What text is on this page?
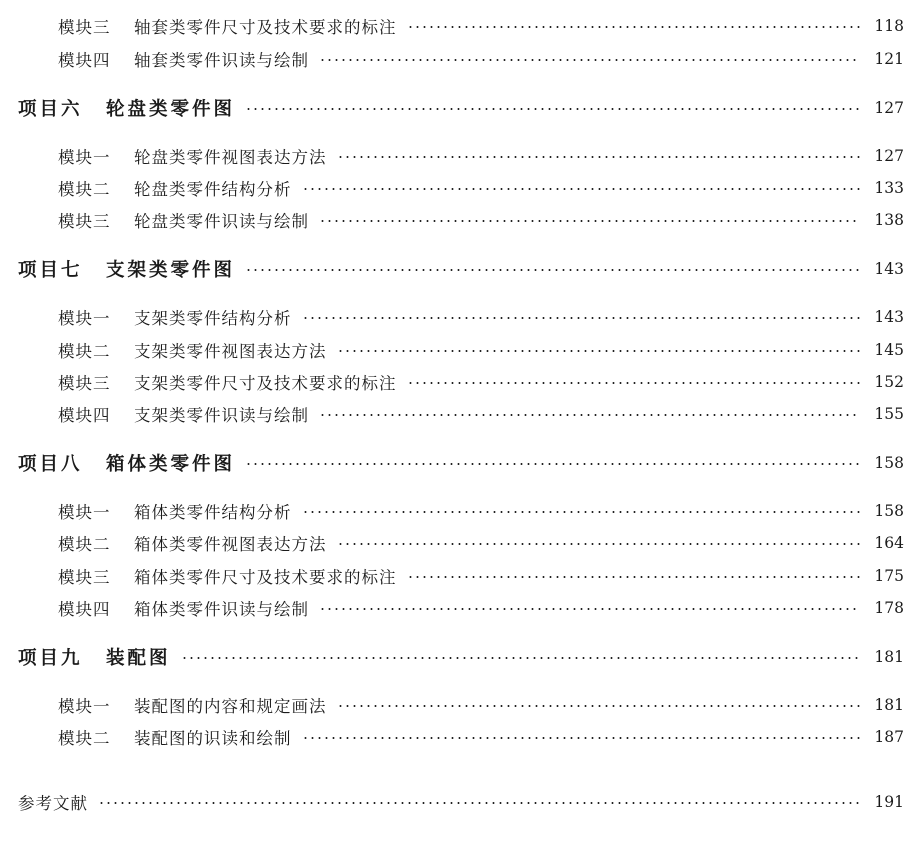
模块三	轴套类零件尺寸及技术要求的标注	118
模块四	轴套类零件识读与绘制	121
项目六	轮盘类零件图	127
模块一	轮盘类零件视图表达方法	127
模块二	轮盘类零件结构分析	133
模块三	轮盘类零件识读与绘制	138
项目七	支架类零件图	143
模块一	支架类零件结构分析	143
模块二	支架类零件视图表达方法	145
模块三	支架类零件尺寸及技术要求的标注	152
模块四	支架类零件识读与绘制	155
项目八	箱体类零件图	158
模块一	箱体类零件结构分析	158
模块二	箱体类零件视图表达方法	164
模块三	箱体类零件尺寸及技术要求的标注	175
模块四	箱体类零件识读与绘制	178
项目九	装配图	181
模块一	装配图的内容和规定画法	181
模块二	装配图的识读和绘制	187
参考文献	191
